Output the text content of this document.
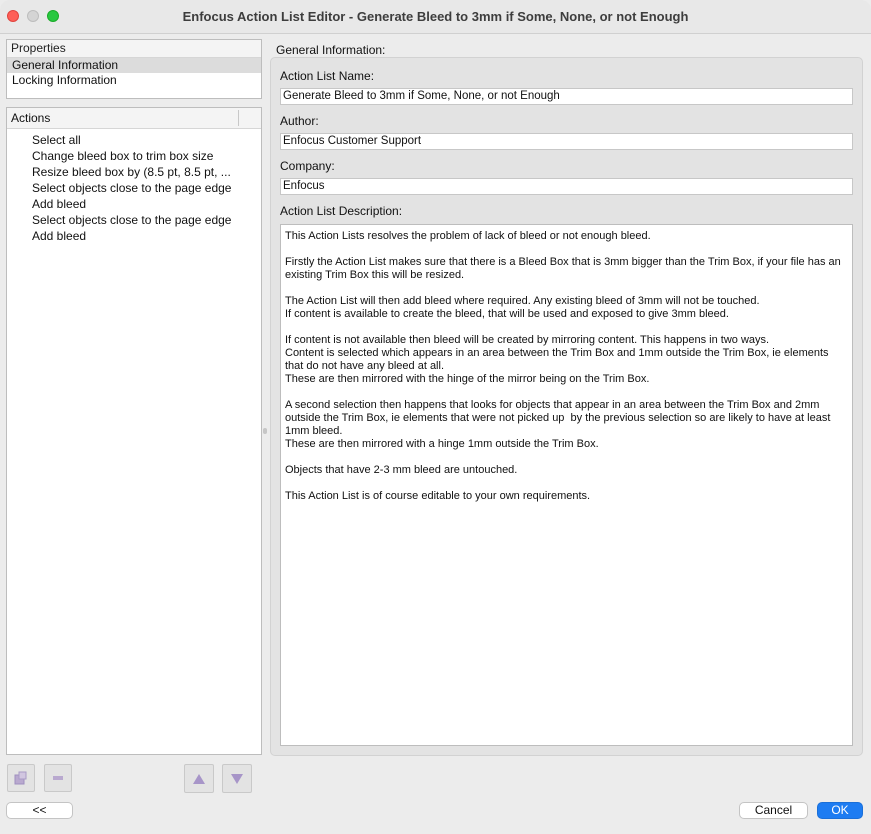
Enfocus Action List Editor - Generate Bleed to 3mm if Some, None, or not Enough
Properties
General Information
Locking Information
Actions
Select all
Change bleed box to trim box size
Resize bleed box by (8.5 pt, 8.5 pt, ...
Select objects close to the page edge
Add bleed
Select objects close to the page edge
Add bleed
General Information:
Action List Name:
Generate Bleed to 3mm if Some, None, or not Enough
Author:
Enfocus Customer Support
Company:
Enfocus
Action List Description:

This Action Lists resolves the problem of lack of bleed or not enough bleed.

Firstly the Action List makes sure that there is a Bleed Box that is 3mm bigger than the Trim Box, if your file has an existing Trim Box this will be resized.

The Action List will then add bleed where required. Any existing bleed of 3mm will not be touched.
If content is available to create the bleed, that will be used and exposed to give 3mm bleed.

If content is not available then bleed will be created by mirroring content. This happens in two ways.
Content is selected which appears in an area between the Trim Box and 1mm outside the Trim Box, ie elements that do not have any bleed at all.
These are then mirrored with the hinge of the mirror being on the Trim Box.

A second selection then happens that looks for objects that appear in an area between the Trim Box and 2mm outside the Trim Box, ie elements that were not picked up  by the previous selection so are likely to have at least 1mm bleed.
These are then mirrored with a hinge 1mm outside the Trim Box.

Objects that have 2-3 mm bleed are untouched.

This Action List is of course editable to your own requirements.

<<	Cancel	OK
